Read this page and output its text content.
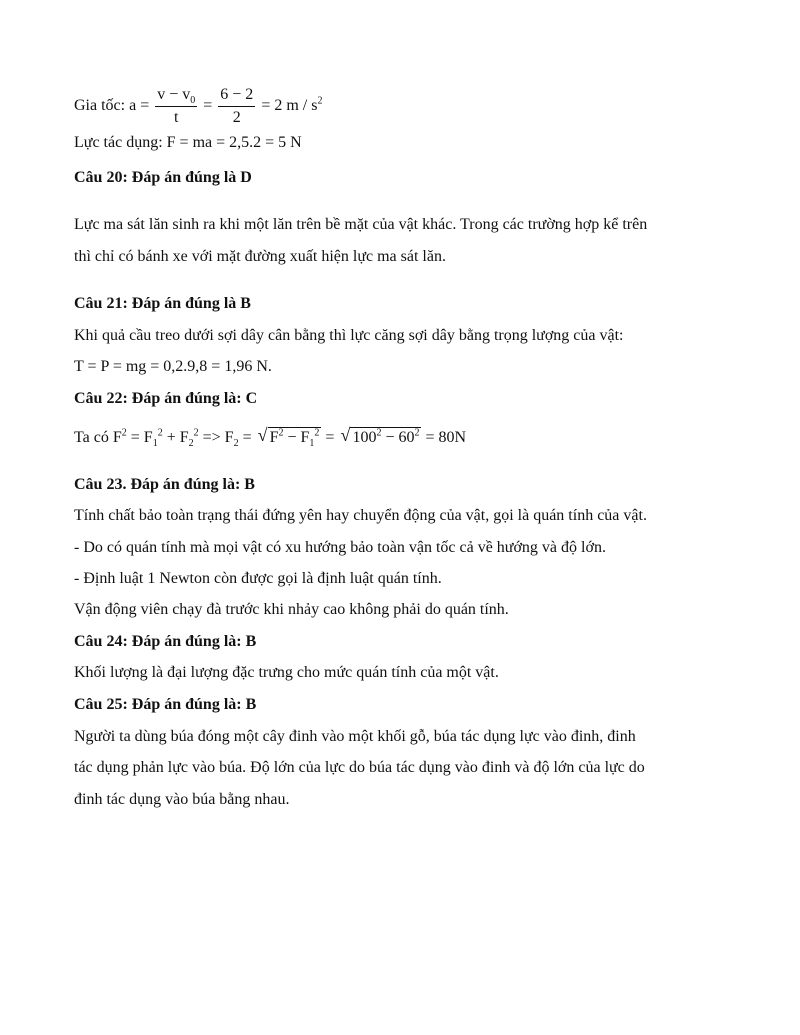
Gia tốc: $a = \frac{v - v_0}{t} = \frac{6 - 2}{2} = 2$ m / $s^2$
Lực tác dụng: F = ma = 2,5.2 = 5 N
Câu 20: Đáp án đúng là D
Lực ma sát lăn sinh ra khi một lăn trên bề mặt của vật khác. Trong các trường hợp kể trên
thì chỉ có bánh xe với mặt đường xuất hiện lực ma sát lăn.
Câu 21: Đáp án đúng là B
Khi quả cầu treo dưới sợi dây cân bằng thì lực căng sợi dây bằng trọng lượng của vật:
T = P = mg = 0,2.9,8 = 1,96 N.
Câu 22: Đáp án đúng là: C
Ta có $F^2 = F_1^2 + F_2^2 => F_2$ = √ $F^2 - F_1^2$ = √ $100^2 - 60^2 = 80N$
Câu 23. Đáp án đúng là: B
Tính chất bảo toàn trạng thái đứng yên hay chuyển động của vật, gọi là quán tính của vật.
- Do có quán tính mà mọi vật có xu hướng bảo toàn vận tốc cả về hướng và độ lớn.
- Định luật 1 Newton còn được gọi là định luật quán tính.
Vận động viên chạy đà trước khi nhảy cao không phải do quán tính.
Câu 24: Đáp án đúng là: B
Khối lượng là đại lượng đặc trưng cho mức quán tính của một vật.
Câu 25: Đáp án đúng là: B
Người ta dùng búa đóng một cây đinh vào một khối gỗ, búa tác dụng lực vào đinh, đinh
tác dụng phản lực vào búa. Độ lớn của lực do búa tác dụng vào đinh và độ lớn của lực do
đinh tác dụng vào búa bằng nhau.
